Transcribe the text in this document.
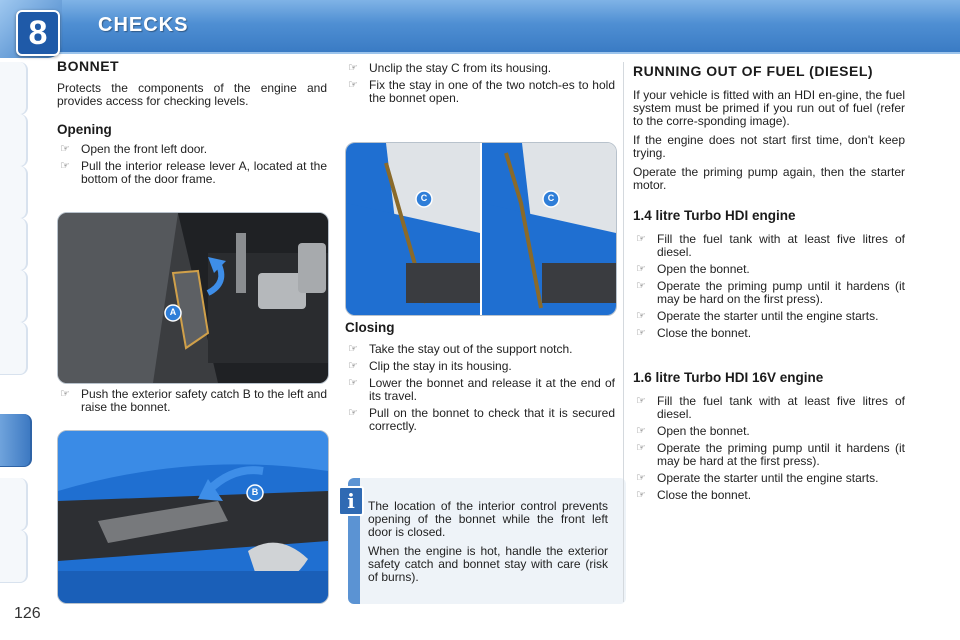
8	CHECKS
126
BONNET

Protects the components of the engine and provides access for checking levels.

Opening
☞ Open the front left door.
☞ Pull the interior release lever A, located at the bottom of the door frame.
A
☞ Push the exterior safety catch B to the left and raise the bonnet.
B
☞ Unclip the stay C from its housing.
☞ Fix the stay in one of the two notch-es to hold the bonnet open.
C	C
Closing
☞ Take the stay out of the support notch.
☞ Clip the stay in its housing.
☞ Lower the bonnet and release it at the end of its travel.
☞ Pull on the bonnet to check that it is secured correctly.
i	The location of the interior control prevents opening of the bonnet while the front left door is closed.

When the engine is hot, handle the exterior safety catch and bonnet stay with care (risk of burns).

RUNNING OUT OF FUEL (DIESEL)

If your vehicle is fitted with an HDI en-gine, the fuel system must be primed if you run out of fuel (refer to the corre-sponding image).

If the engine does not start first time, don't keep trying.

Operate the priming pump again, then the starter motor.

1.4 litre Turbo HDI engine
☞ Fill the fuel tank with at least five litres of diesel.
☞ Open the bonnet.
☞ Operate the priming pump until it hardens (it may be hard on the first press).
☞ Operate the starter until the engine starts.
☞ Close the bonnet.
1.6 litre Turbo HDI 16V engine
☞ Fill the fuel tank with at least five litres of diesel.
☞ Open the bonnet.
☞ Operate the priming pump until it hardens (it may be hard at the first press).
☞ Operate the starter until the engine starts.
☞ Close the bonnet.
